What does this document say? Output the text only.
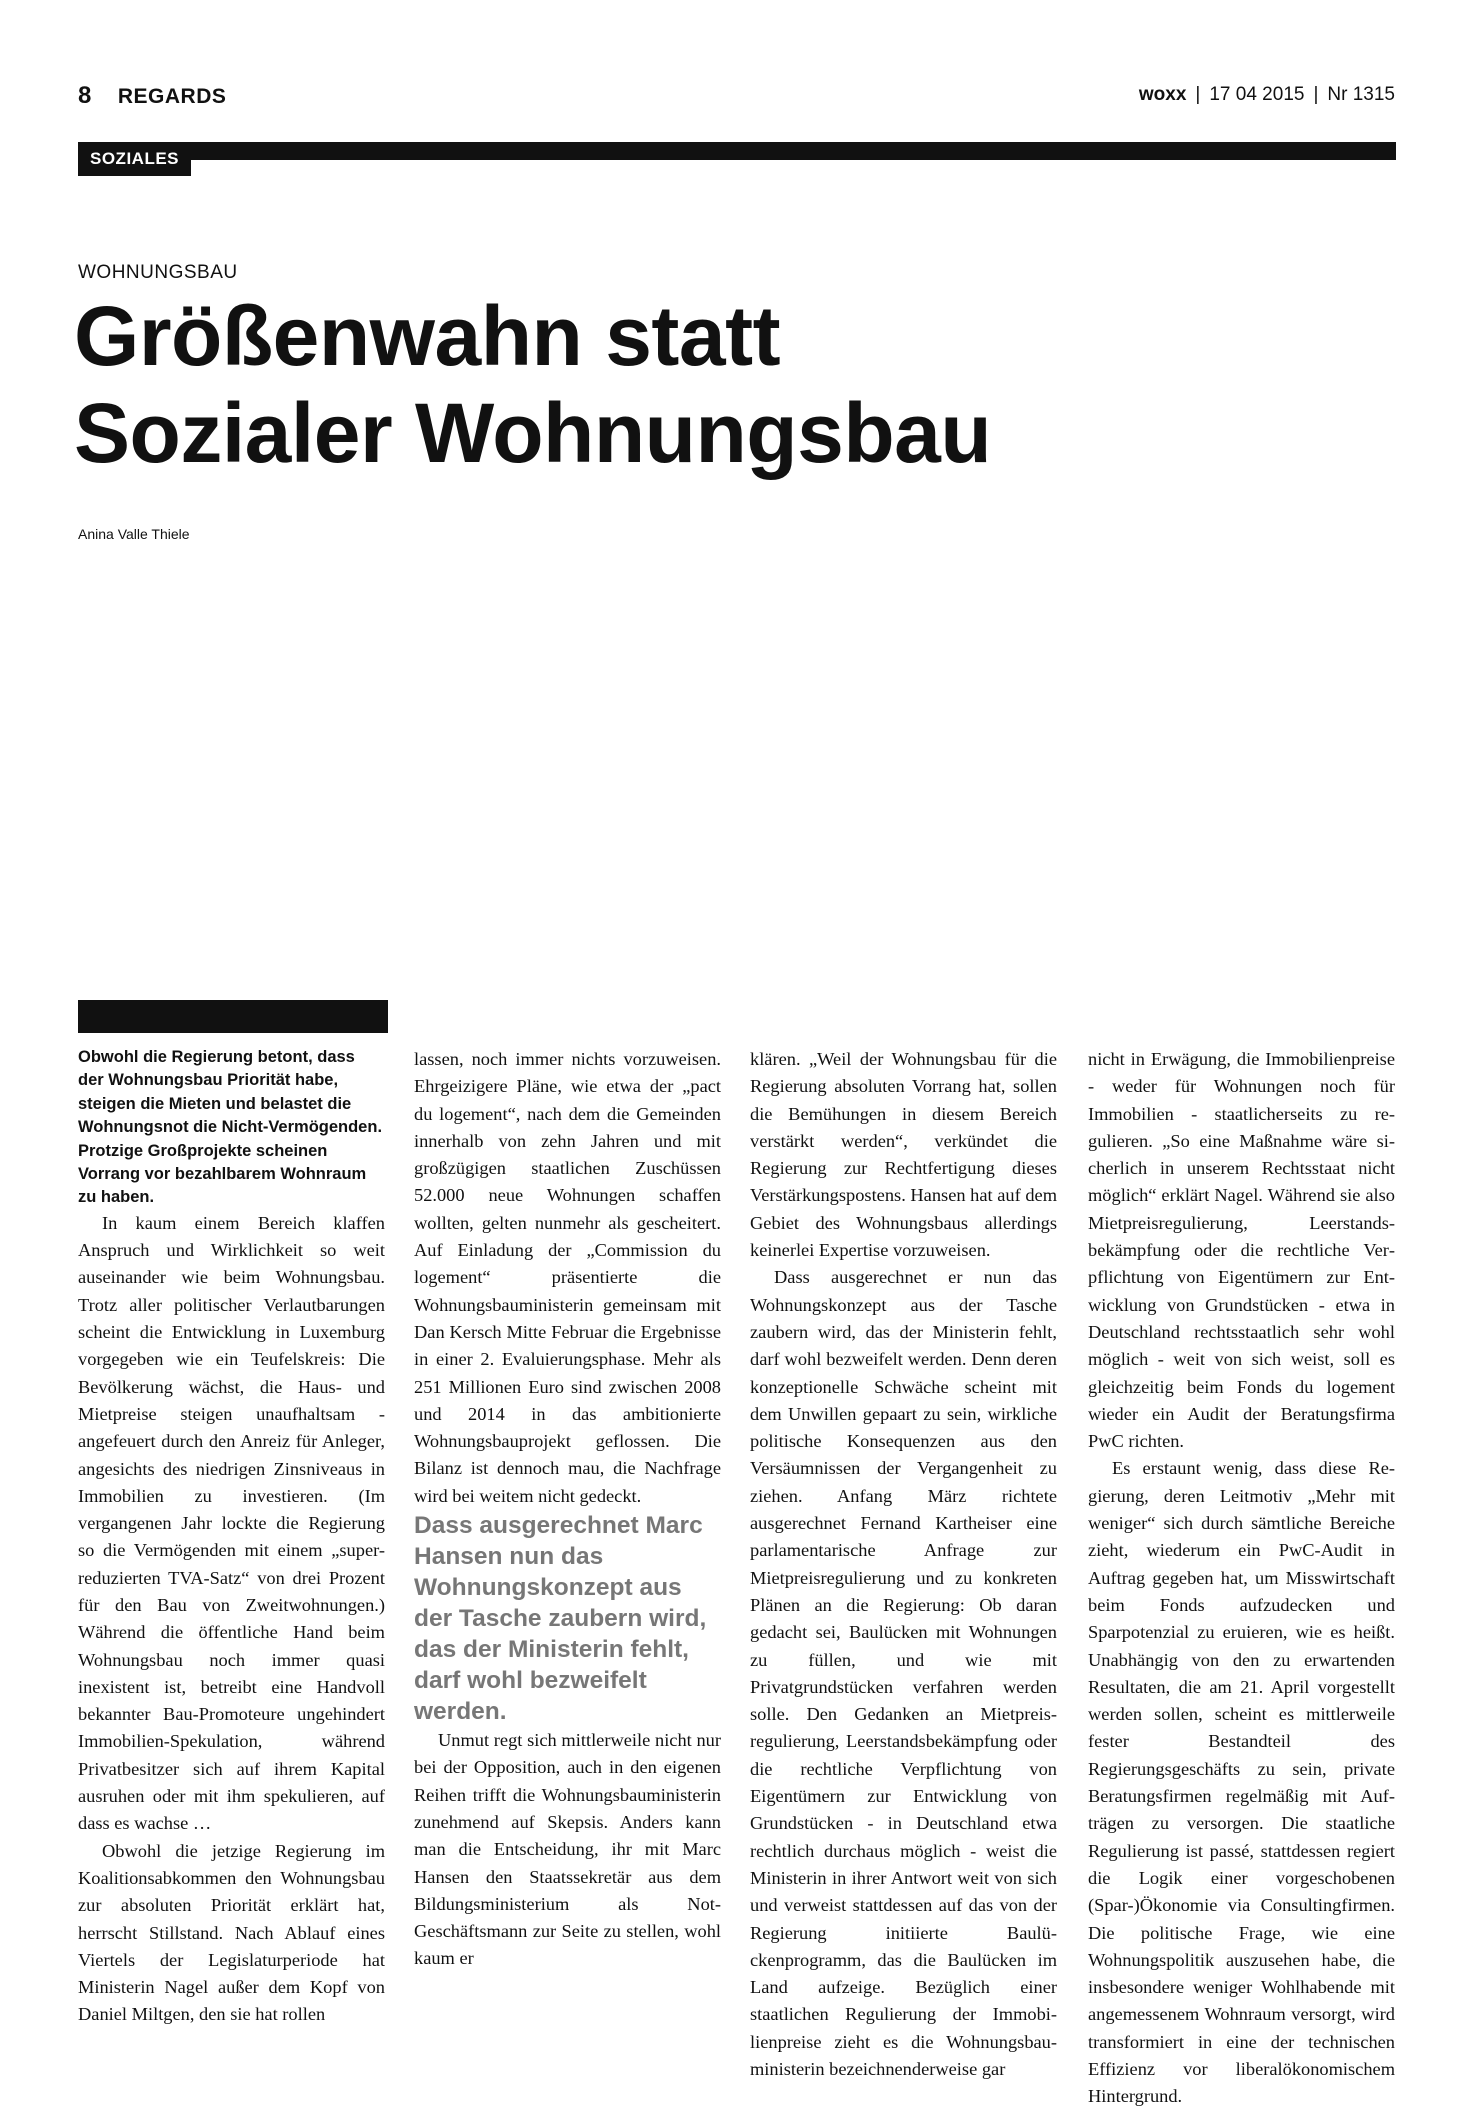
8 REGARDS	woxx | 17 04 2015 | Nr 1315
SOZIALES
WOHNUNGSBAU
Größenwahn statt
Sozialer Wohnungsbau
Anina Valle Thiele

Obwohl die Regierung betont, dass der Wohnungsbau Priorität habe, steigen die Mieten und belastet die Wohnungsnot die Nicht-Vermögenden. Protzige Großprojekte scheinen Vorrang vor bezahlbarem Wohnraum zu haben.

In kaum einem Bereich klaffen Anspruch und Wirklichkeit so weit auseinander wie beim Wohnungsbau. Trotz aller politischer Verlautbarungen scheint die Entwicklung in Luxemburg vorgegeben wie ein Teufelskreis: Die Bevölkerung wächst, die Haus- und Mietpreise steigen unaufhaltsam - angefeuert durch den Anreiz für Anleger, angesichts des niedrigen Zinsniveaus in Immobilien zu investieren. (Im vergangenen Jahr lockte die Regierung so die Vermögenden mit einem „super-reduzierten TVA-Satz“ von drei Prozent für den Bau von Zweitwohnungen.) Während die öffentliche Hand beim Wohnungsbau noch immer quasi inexistent ist, betreibt eine Handvoll bekannter Bau-Promoteure ungehindert Immobilien-Spekulation, während Privatbesitzer sich auf ihrem Kapital ausruhen oder mit ihm spekulieren, auf dass es wachse …

Obwohl die jetzige Regierung im Koalitionsabkommen den Wohnungsbau zur absoluten Priorität erklärt hat, herrscht Stillstand. Nach Ablauf eines Viertels der Legislaturperiode hat Ministerin Nagel außer dem Kopf von Daniel Miltgen, den sie hat rollen

lassen, noch immer nichts vorzuweisen. Ehrgeizigere Pläne, wie etwa der „pact du logement“, nach dem die Gemeinden innerhalb von zehn Jahren und mit großzügigen staatlichen Zuschüssen 52.000 neue Wohnungen schaffen wollten, gelten nunmehr als gescheitert. Auf Einladung der „Commission du logement“ präsentierte die Wohnungsbauministerin gemeinsam mit Dan Kersch Mitte Februar die Ergebnisse in einer 2. Evaluierungsphase. Mehr als 251 Millionen Euro sind zwischen 2008 und 2014 in das ambitionierte Wohnungsbauprojekt geflossen. Die Bilanz ist dennoch mau, die Nachfrage wird bei weitem nicht gedeckt.

Dass ausgerechnet Marc Hansen nun das Wohnungskonzept aus der Tasche zaubern wird, das der Ministerin fehlt, darf wohl bezweifelt werden.

Unmut regt sich mittlerweile nicht nur bei der Opposition, auch in den eigenen Reihen trifft die Wohnungsbauministerin zunehmend auf Skepsis. Anders kann man die Entscheidung, ihr mit Marc Hansen den Staatssekretär aus dem Bildungsministerium als Not-Geschäftsmann zur Seite zu stellen, wohl kaum er

klären. „Weil der Wohnungsbau für die Regierung absoluten Vorrang hat, sollen die Bemühungen in diesem Bereich verstärkt werden“, verkündet die Regierung zur Rechtfertigung dieses Verstärkungspostens. Hansen hat auf dem Gebiet des Wohnungsbaus allerdings keinerlei Expertise vorzuweisen.

Dass ausgerechnet er nun das Wohnungskonzept aus der Tasche zaubern wird, das der Ministerin fehlt, darf wohl bezweifelt werden. Denn deren konzeptionelle Schwäche scheint mit dem Unwillen gepaart zu sein, wirkliche politische Konsequenzen aus den Versäumnissen der Vergangenheit zu ziehen. Anfang März richtete ausgerechnet Fernand Kartheiser eine parlamentarische Anfrage zur Mietpreisregulierung und zu konkreten Plänen an die Regierung: Ob daran gedacht sei, Baulücken mit Wohnungen zu füllen, und wie mit Privatgrundstücken verfahren werden solle. Den Gedanken an Mietpreisregulierung, Leerstandsbekämpfung oder die rechtliche Verpflichtung von Eigentümern zur Entwicklung von Grundstücken - in Deutschland etwa rechtlich durchaus möglich - weist die Ministerin in ihrer Antwort weit von sich und verweist stattdessen auf das von der Regierung initiierte Baulückenprogramm, das die Baulücken im Land aufzeige. Bezüglich einer staatlichen Regulierung der Immobilienpreise zieht es die Wohnungsbauministerin bezeichnenderweise gar

nicht in Erwägung, die Immobilienpreise - weder für Wohnungen noch für Immobilien - staatlicherseits zu regulieren. „So eine Maßnahme wäre sicherlich in unserem Rechtsstaat nicht möglich“ erklärt Nagel. Während sie also Mietpreisregulierung, Leerstandsbekämpfung oder die rechtliche Verpflichtung von Eigentümern zur Entwicklung von Grundstücken - etwa in Deutschland rechtsstaatlich sehr wohl möglich - weit von sich weist, soll es gleichzeitig beim Fonds du logement wieder ein Audit der Beratungsfirma PwC richten.

Es erstaunt wenig, dass diese Regierung, deren Leitmotiv „Mehr mit weniger“ sich durch sämtliche Bereiche zieht, wiederum ein PwC-Audit in Auftrag gegeben hat, um Misswirtschaft beim Fonds aufzudecken und Sparpotenzial zu eruieren, wie es heißt. Unabhängig von den zu erwartenden Resultaten, die am 21. April vorgestellt werden sollen, scheint es mittlerweile fester Bestandteil des Regierungsgeschäfts zu sein, private Beratungsfirmen regelmäßig mit Aufträgen zu versorgen. Die staatliche Regulierung ist passé, stattdessen regiert die Logik einer vorgeschobenen (Spar-)Ökonomie via Consultingfirmen. Die politische Frage, wie eine Wohnungspolitik auszusehen habe, die insbesondere weniger Wohlhabende mit angemessenem Wohnraum versorgt, wird transformiert in eine der technischen Effizienz vor liberalökonomischem Hintergrund.
